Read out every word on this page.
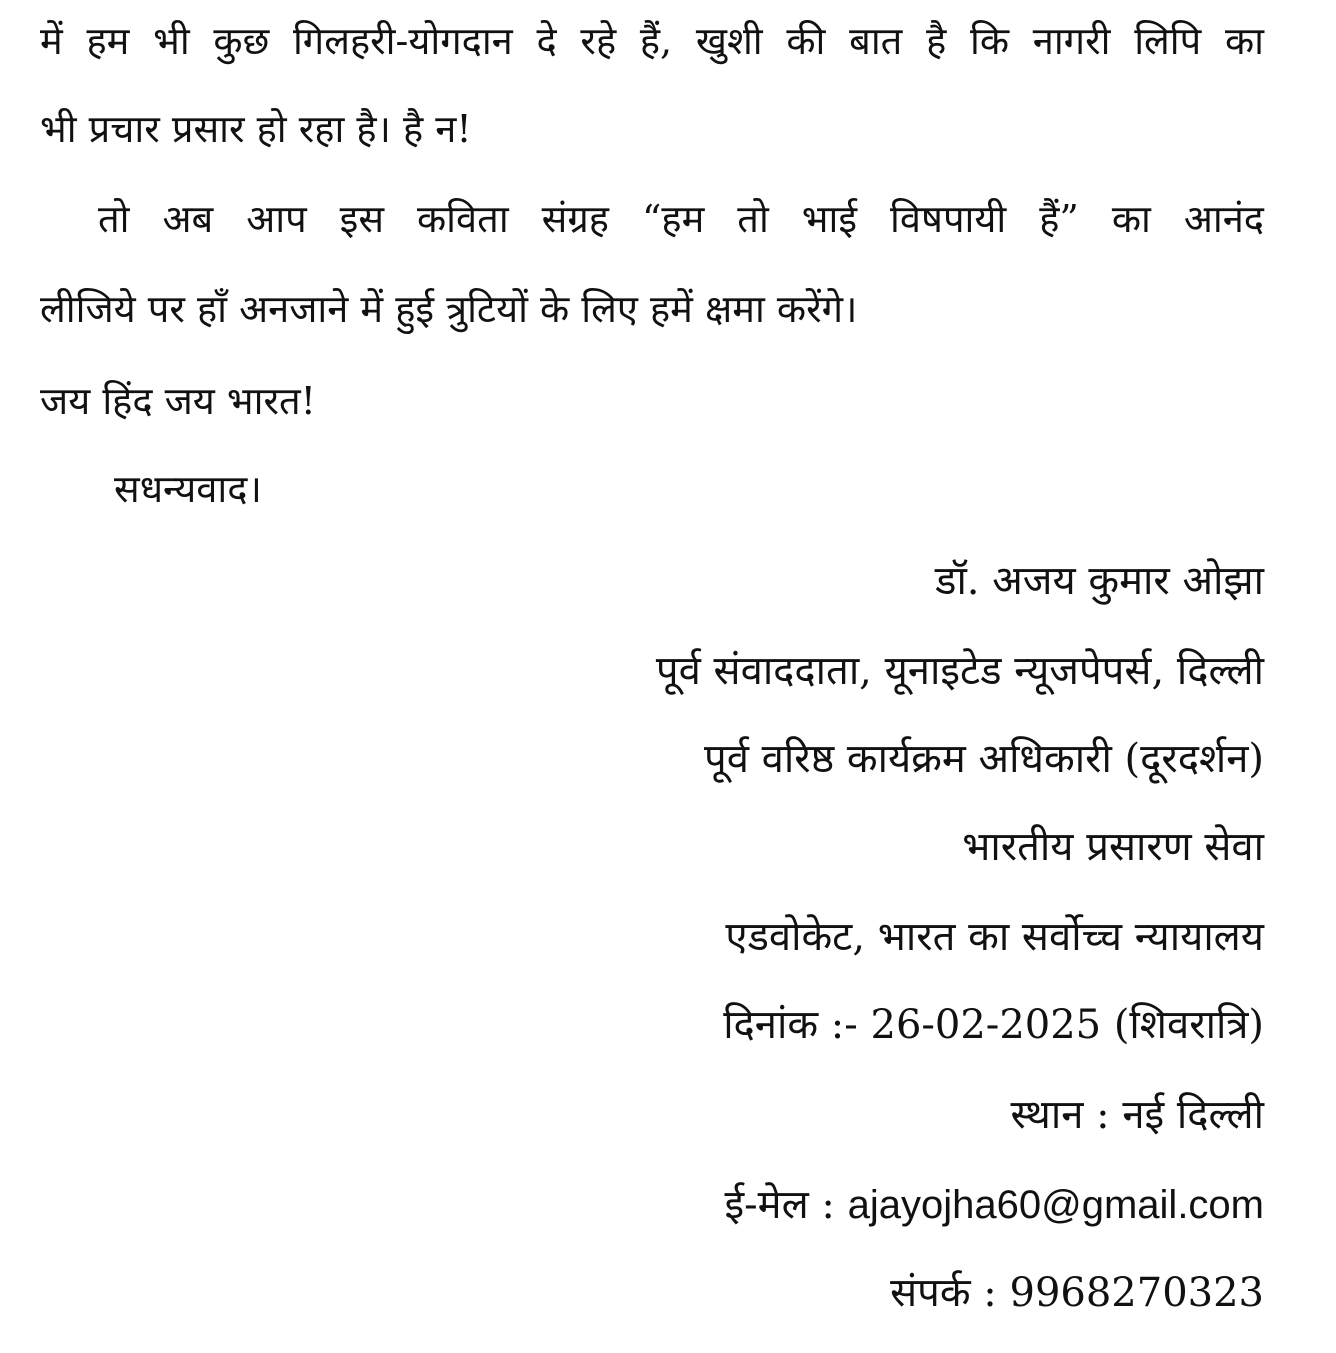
में हम भी कुछ गिलहरी-योगदान दे रहे हैं, खुशी की बात है कि नागरी लिपि का

भी प्रचार प्रसार हो रहा है। है न!

तो अब आप इस कविता संग्रह “हम तो भाई विषपायी हैं” का आनंद

लीजिये पर हाँ अनजाने में हुई त्रुटियों के लिए हमें क्षमा करेंगे।

जय हिंद जय भारत!

सधन्यवाद।

डॉ. अजय कुमार ओझा

पूर्व संवाददाता, यूनाइटेड न्यूजपेपर्स, दिल्ली

पूर्व वरिष्ठ कार्यक्रम अधिकारी (दूरदर्शन)

भारतीय प्रसारण सेवा

एडवोकेट, भारत का सर्वोच्च न्यायालय

दिनांक :- 26-02-2025 (शिवरात्रि)

स्थान : नई दिल्ली

ई-मेल : ajayojha60@gmail.com

संपर्क : 9968270323
